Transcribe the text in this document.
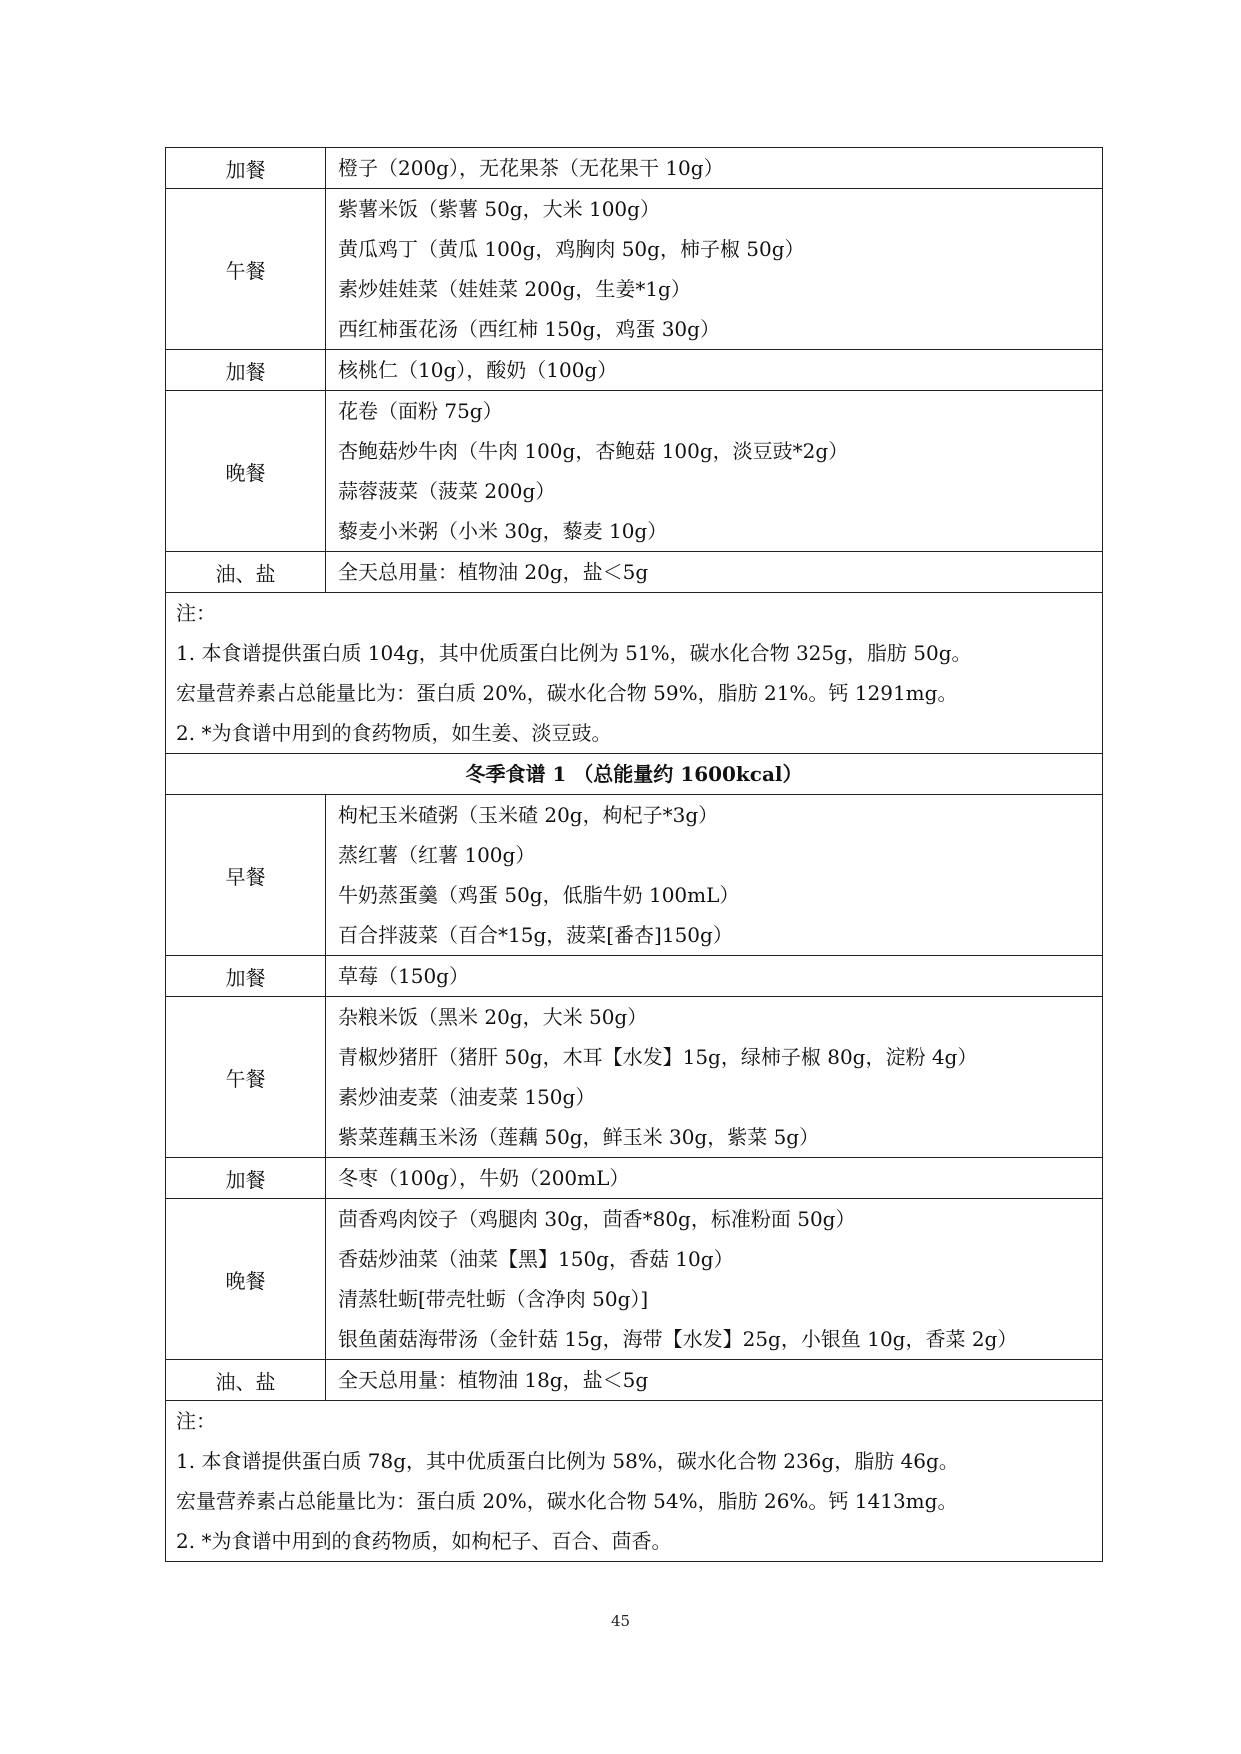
加餐	橙子（200g），无花果茶（无花果干 10g）

午餐	紫薯米饭（紫薯 50g，大米 100g）
黄瓜鸡丁（黄瓜 100g，鸡胸肉 50g，柿子椒 50g）
素炒娃娃菜（娃娃菜 200g，生姜*1g）
西红柿蛋花汤（西红柿 150g，鸡蛋 30g）

加餐	核桃仁（10g），酸奶（100g）

晚餐	花卷（面粉 75g）
杏鲍菇炒牛肉（牛肉 100g，杏鲍菇 100g，淡豆豉*2g）
蒜蓉菠菜（菠菜 200g）
藜麦小米粥（小米 30g，藜麦 10g）

油、盐	全天总用量：植物油 20g，盐＜5g

注：
1. 本食谱提供蛋白质 104g，其中优质蛋白比例为 51%，碳水化合物 325g，脂肪 50g。
宏量营养素占总能量比为：蛋白质 20%，碳水化合物 59%，脂肪 21%。钙 1291mg。
2. *为食谱中用到的食药物质，如生姜、淡豆豉。	

冬季食谱 1 （总能量约 1600kcal）	
早餐	枸杞玉米碴粥（玉米碴 20g，枸杞子*3g）
蒸红薯（红薯 100g）
牛奶蒸蛋羹（鸡蛋 50g，低脂牛奶 100mL）
百合拌菠菜（百合*15g，菠菜[番杏]150g）

加餐	草莓（150g）

午餐	杂粮米饭（黑米 20g，大米 50g）
青椒炒猪肝（猪肝 50g，木耳【水发】15g，绿柿子椒 80g，淀粉 4g）
素炒油麦菜（油麦菜 150g）
紫菜莲藕玉米汤（莲藕 50g，鲜玉米 30g，紫菜 5g）

加餐	冬枣（100g），牛奶（200mL）

晚餐	茴香鸡肉饺子（鸡腿肉 30g，茴香*80g，标准粉面 50g）
香菇炒油菜（油菜【黑】150g，香菇 10g）
清蒸牡蛎[带壳牡蛎（含净肉 50g）]
银鱼菌菇海带汤（金针菇 15g，海带【水发】25g，小银鱼 10g，香菜 2g）

油、盐	全天总用量：植物油 18g，盐＜5g

注：
1. 本食谱提供蛋白质 78g，其中优质蛋白比例为 58%，碳水化合物 236g，脂肪 46g。
宏量营养素占总能量比为：蛋白质 20%，碳水化合物 54%，脂肪 26%。钙 1413mg。
2. *为食谱中用到的食药物质，如枸杞子、百合、茴香。	
45
